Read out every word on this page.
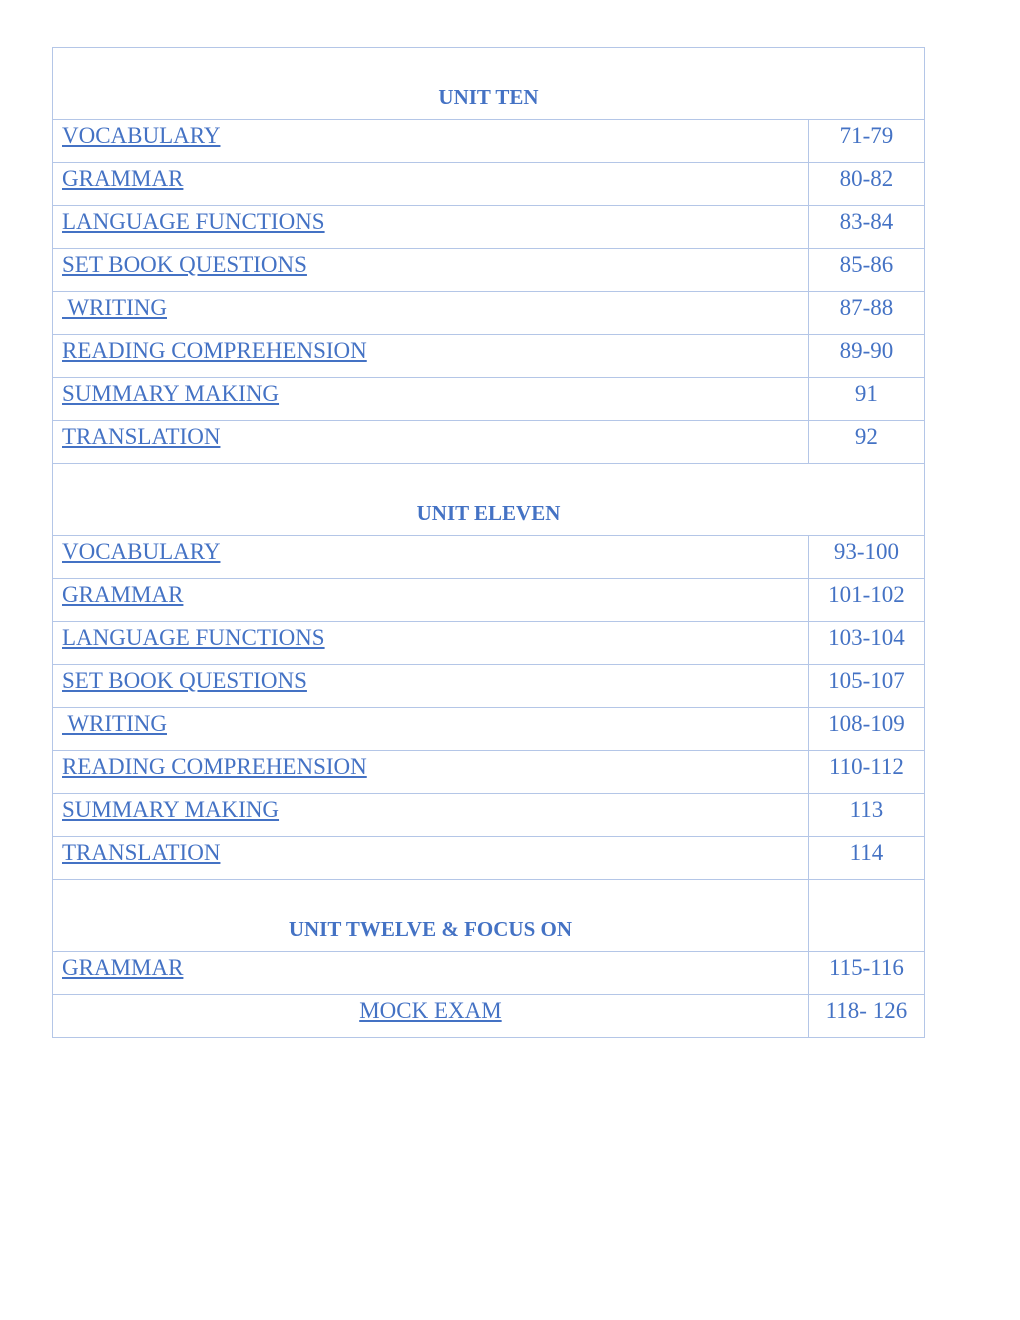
UNIT TEN	
VOCABULARY	71-79
GRAMMAR	80-82
LANGUAGE FUNCTIONS	83-84
SET BOOK QUESTIONS	85-86
WRITING	87-88
READING COMPREHENSION	89-90
SUMMARY MAKING	91
TRANSLATION	92
UNIT ELEVEN	
VOCABULARY	93-100
GRAMMAR	101-102
LANGUAGE FUNCTIONS	103-104
SET BOOK QUESTIONS	105-107
WRITING	108-109
READING COMPREHENSION	110-112
SUMMARY MAKING	113
TRANSLATION	114
UNIT TWELVE & FOCUS ON	
GRAMMAR	115-116
MOCK EXAM	118- 126
